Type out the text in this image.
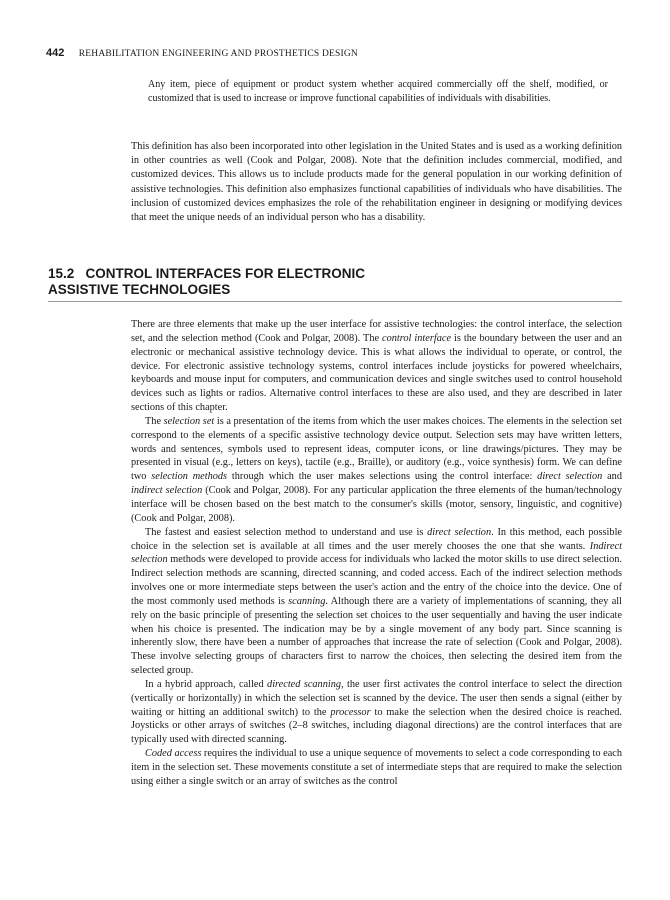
442 REHABILITATION ENGINEERING AND PROSTHETICS DESIGN
Any item, piece of equipment or product system whether acquired commercially off the shelf, modified, or customized that is used to increase or improve functional capabilities of individuals with disabilities.
This definition has also been incorporated into other legislation in the United States and is used as a working definition in other countries as well (Cook and Polgar, 2008). Note that the definition includes commercial, modified, and customized devices. This allows us to include products made for the general population in our working definition of assistive technologies. This definition also emphasizes functional capabilities of individuals who have disabilities. The inclusion of customized devices emphasizes the role of the rehabilitation engineer in designing or modifying devices that meet the unique needs of an individual person who has a disability.
15.2   CONTROL INTERFACES FOR ELECTRONIC
ASSISTIVE TECHNOLOGIES

There are three elements that make up the user interface for assistive technologies: the control interface, the selection set, and the selection method (Cook and Polgar, 2008). The control interface is the boundary between the user and an electronic or mechanical assistive technology device. This is what allows the individual to operate, or control, the device. For electronic assistive technology systems, control interfaces include joysticks for powered wheelchairs, keyboards and mouse input for computers, and communication devices and single switches used to control household devices such as lights or radios. Alternative control interfaces to these are also used, and they are described in later sections of this chapter.

The selection set is a presentation of the items from which the user makes choices. The elements in the selection set correspond to the elements of a specific assistive technology device output. Selection sets may have written letters, words and sentences, symbols used to represent ideas, computer icons, or line drawings/pictures. They may be presented in visual (e.g., letters on keys), tactile (e.g., Braille), or auditory (e.g., voice synthesis) form. We can define two selection methods through which the user makes selections using the control interface: direct selection and indirect selection (Cook and Polgar, 2008). For any particular application the three elements of the human/technology interface will be chosen based on the best match to the consumer's skills (motor, sensory, linguistic, and cognitive) (Cook and Polgar, 2008).

The fastest and easiest selection method to understand and use is direct selection. In this method, each possible choice in the selection set is available at all times and the user merely chooses the one that she wants. Indirect selection methods were developed to provide access for individuals who lacked the motor skills to use direct selection. Indirect selection methods are scanning, directed scanning, and coded access. Each of the indirect selection methods involves one or more intermediate steps between the user's action and the entry of the choice into the device. One of the most commonly used methods is scanning. Although there are a variety of implementations of scanning, they all rely on the basic principle of presenting the selection set choices to the user sequentially and having the user indicate when his choice is presented. The indication may be by a single movement of any body part. Since scanning is inherently slow, there have been a number of approaches that increase the rate of selection (Cook and Polgar, 2008). These involve selecting groups of characters first to narrow the choices, then selecting the desired item from the selected group.

In a hybrid approach, called directed scanning, the user first activates the control interface to select the direction (vertically or horizontally) in which the selection set is scanned by the device. The user then sends a signal (either by waiting or hitting an additional switch) to the processor to make the selection when the desired choice is reached. Joysticks or other arrays of switches (2–8 switches, including diagonal directions) are the control interfaces that are typically used with directed scanning.

Coded access requires the individual to use a unique sequence of movements to select a code corresponding to each item in the selection set. These movements constitute a set of intermediate steps that are required to make the selection using either a single switch or an array of switches as the control
